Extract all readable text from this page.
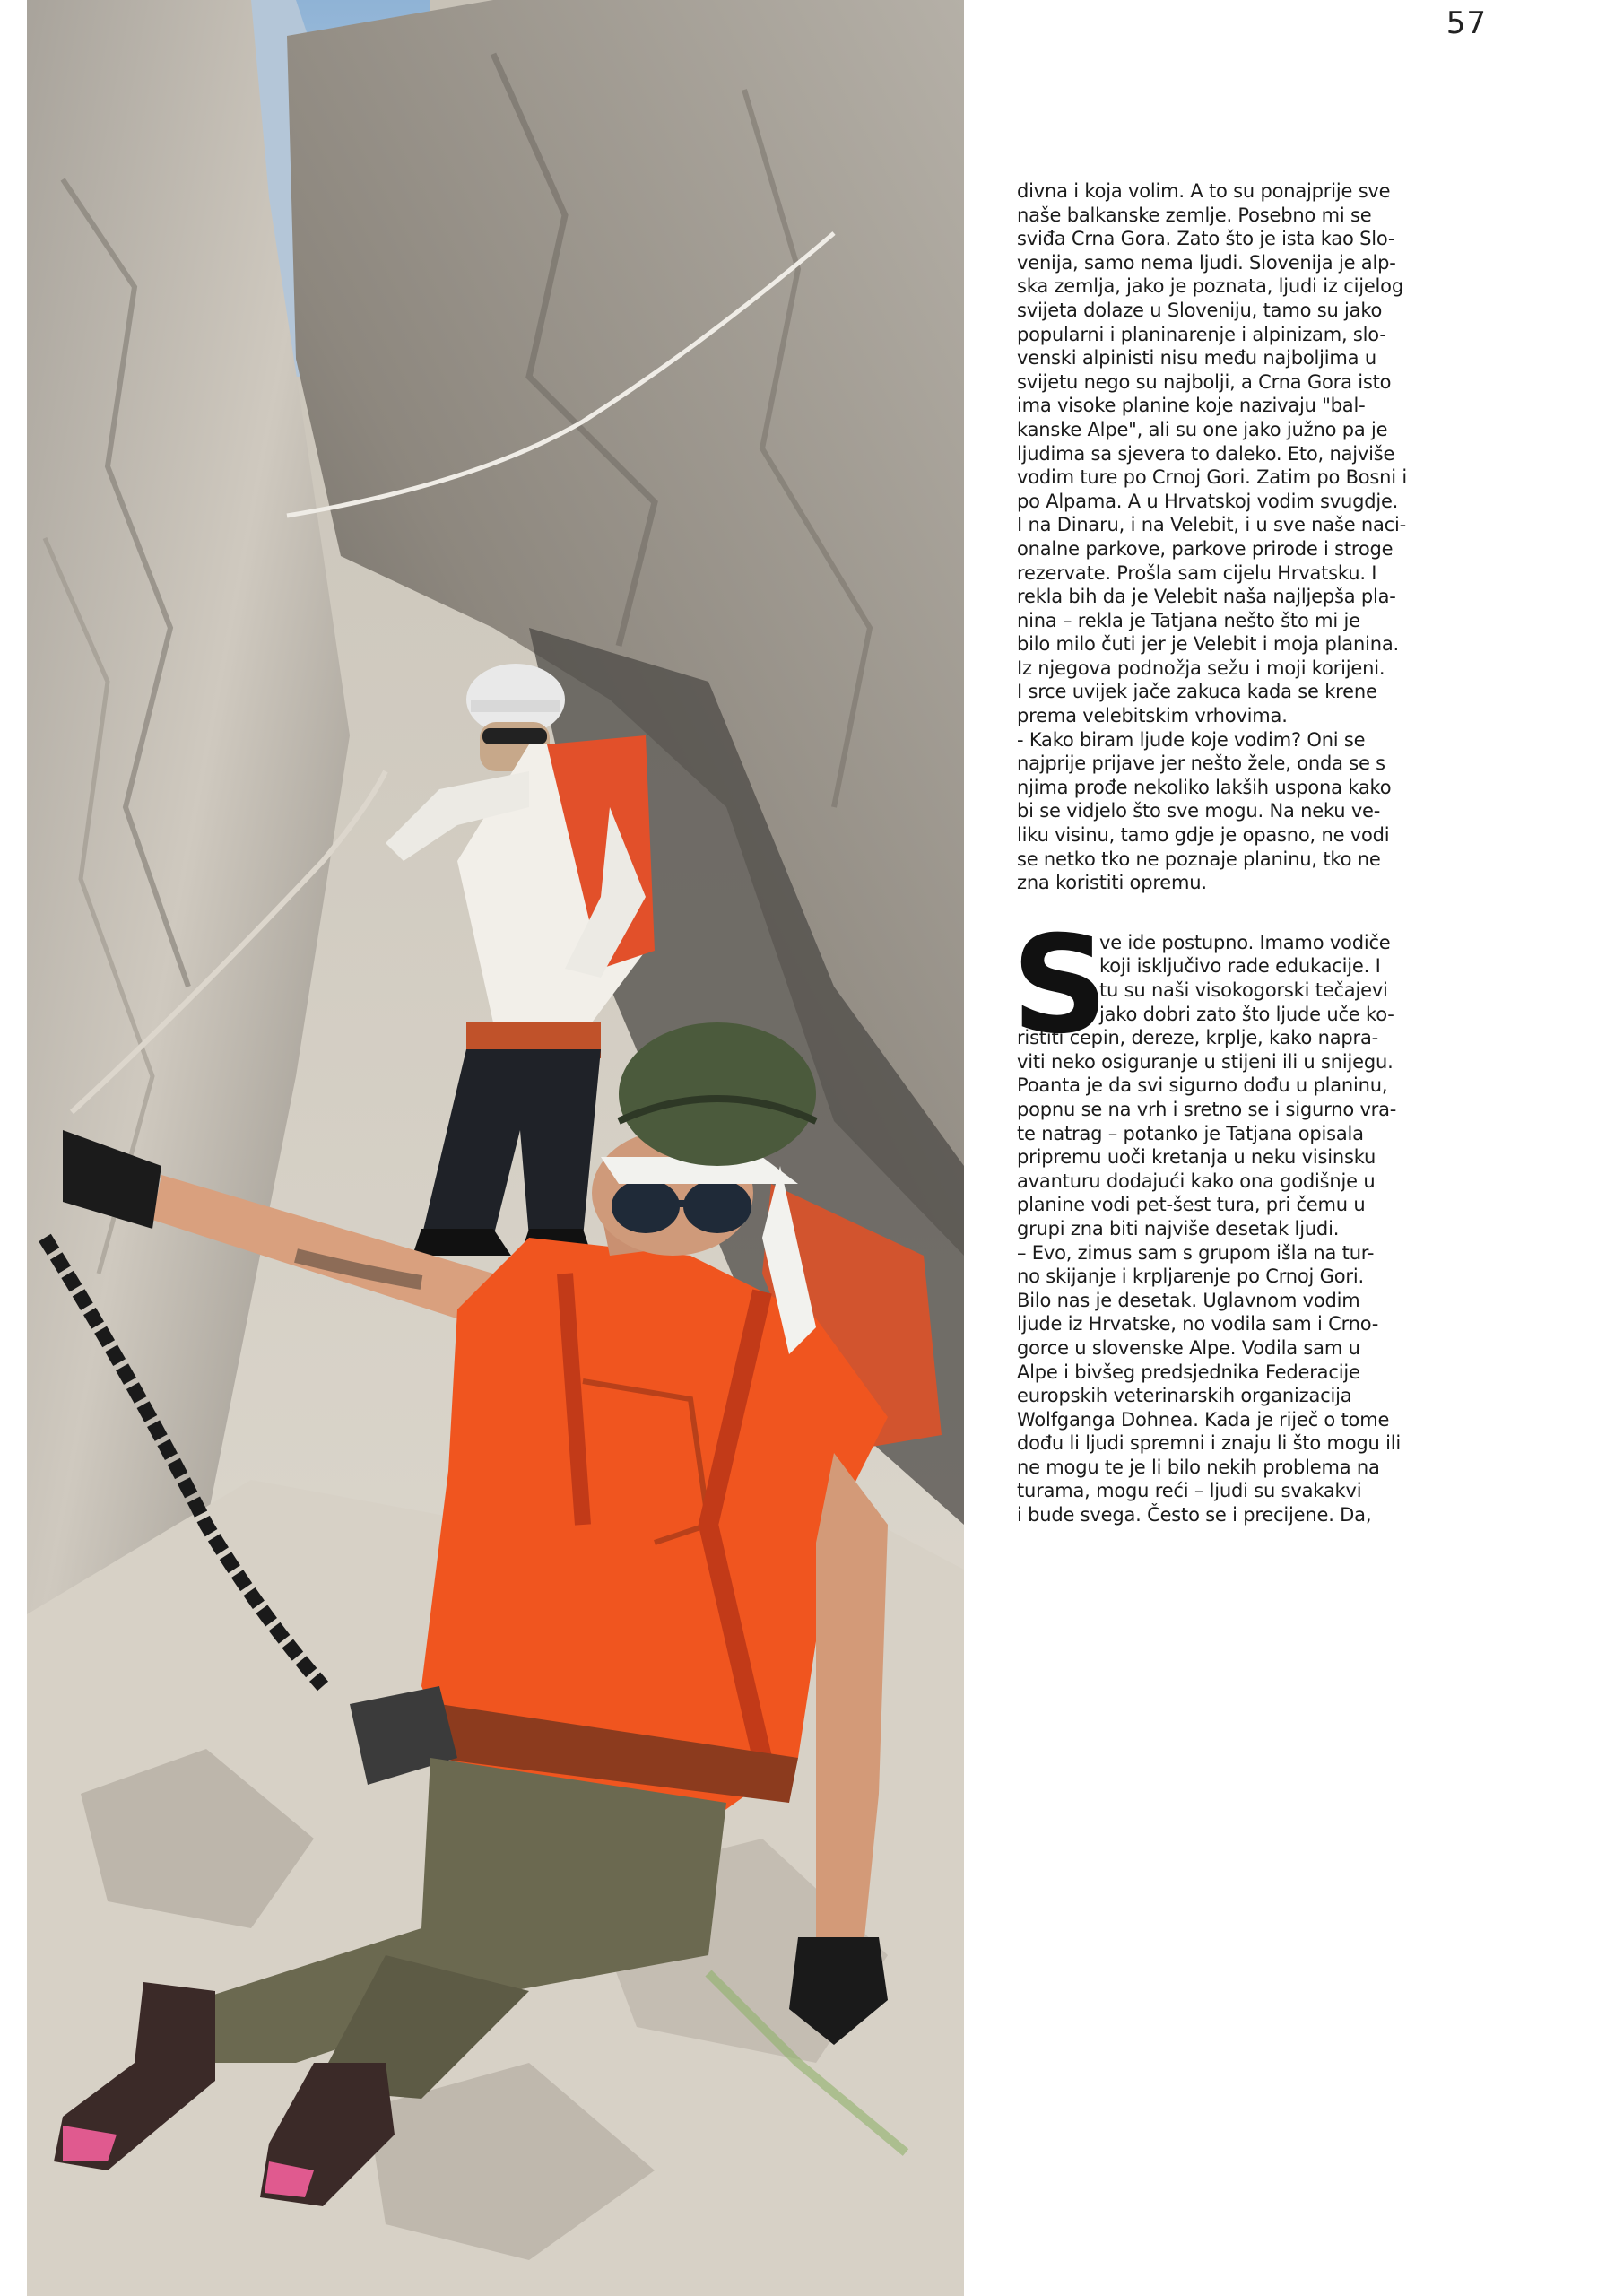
57
divna i koja volim. A to su ponajprije sve
naše balkanske zemlje. Posebno mi se
sviđa Crna Gora. Zato što je ista kao Slo-
venija, samo nema ljudi. Slovenija je alp-
ska zemlja, jako je poznata, ljudi iz cijelog
svijeta dolaze u Sloveniju, tamo su jako
popularni i planinarenje i alpinizam, slo-
venski alpinisti nisu među najboljima u
svijetu nego su najbolji, a Crna Gora isto
ima visoke planine koje nazivaju "bal-
kanske Alpe", ali su one jako južno pa je
ljudima sa sjevera to daleko. Eto, najviše
vodim ture po Crnoj Gori. Zatim po Bosni i
po Alpama. A u Hrvatskoj vodim svugdje.
I na Dinaru, i na Velebit, i u sve naše naci-
onalne parkove, parkove prirode i stroge
rezervate. Prošla sam cijelu Hrvatsku. I
rekla bih da je Velebit naša najljepša pla-
nina – rekla je Tatjana nešto što mi je
bilo milo čuti jer je Velebit i moja planina.
Iz njegova podnožja sežu i moji korijeni.
I srce uvijek jače zakuca kada se krene
prema velebitskim vrhovima.
- Kako biram ljude koje vodim? Oni se
najprije prijave jer nešto žele, onda se s
njima prođe nekoliko lakših uspona kako
bi se vidjelo što sve mogu. Na neku ve-
liku visinu, tamo gdje je opasno, ne vodi
se netko tko ne poznaje planinu, tko ne
zna koristiti opremu.
S
ve ide postupno. Imamo vodiče
koji isključivo rade edukacije. I
tu su naši visokogorski tečajevi
jako dobri zato što ljude uče ko-
ristiti cepin, dereze, krplje, kako napra-
viti neko osiguranje u stijeni ili u snijegu.
Poanta je da svi sigurno dođu u planinu,
popnu se na vrh i sretno se i sigurno vra-
te natrag – potanko je Tatjana opisala
pripremu uoči kretanja u neku visinsku
avanturu dodajući kako ona godišnje u
planine vodi pet-šest tura, pri čemu u
grupi zna biti najviše desetak ljudi.
– Evo, zimus sam s grupom išla na tur-
no skijanje i krpljarenje po Crnoj Gori.
Bilo nas je desetak. Uglavnom vodim
ljude iz Hrvatske, no vodila sam i Crno-
gorce u slovenske Alpe. Vodila sam u
Alpe i bivšeg predsjednika Federacije
europskih veterinarskih organizacija
Wolfganga Dohnea. Kada je riječ o tome
dođu li ljudi spremni i znaju li što mogu ili
ne mogu te je li bilo nekih problema na
turama, mogu reći – ljudi su svakakvi
i bude svega. Često se i precijene. Da,
